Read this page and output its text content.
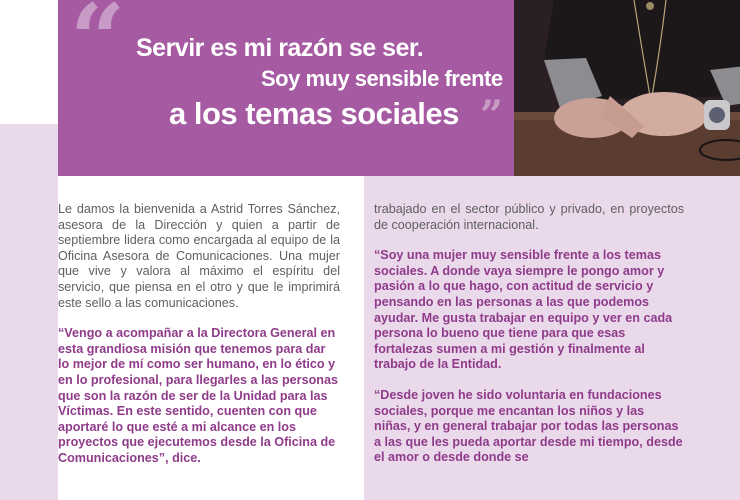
“ Servir es mi razón se ser.
Soy muy sensible frente
a los temas sociales ”

Le damos la bienvenida a Astrid Torres Sánchez, asesora de la Dirección y quien a partir de septiembre lidera como encargada al equipo de la Oficina Asesora de Comunicaciones. Una mujer que vive y valora al máximo el espíritu del servicio, que piensa en el otro y que le imprimirá este sello a las comunicaciones.

“Vengo a acompañar a la Directora General en esta grandiosa misión que tenemos para dar lo mejor de mí como ser humano, en lo ético y en lo profesional, para llegarles a las personas que son la razón de ser de la Unidad para las Víctimas. En este sentido, cuenten con que aportaré lo que esté a mi alcance en los proyectos que ejecutemos desde la Oficina de Comunicaciones”, dice.

trabajado en el sector público y privado, en proyectos de cooperación internacional.

“Soy una mujer muy sensible frente a los temas sociales. A donde vaya siempre le pongo amor y pasión a lo que hago, con actitud de servicio y pensando en las personas a las que podemos ayudar. Me gusta trabajar en equipo y ver en cada persona lo bueno que tiene para que esas fortalezas sumen a mi gestión y finalmente al trabajo de la Entidad.

“Desde joven he sido voluntaria en fundaciones sociales, porque me encantan los niños y las niñas, y en general trabajar por todas las personas a las que les pueda aportar desde mi tiempo, desde el amor o desde donde se
